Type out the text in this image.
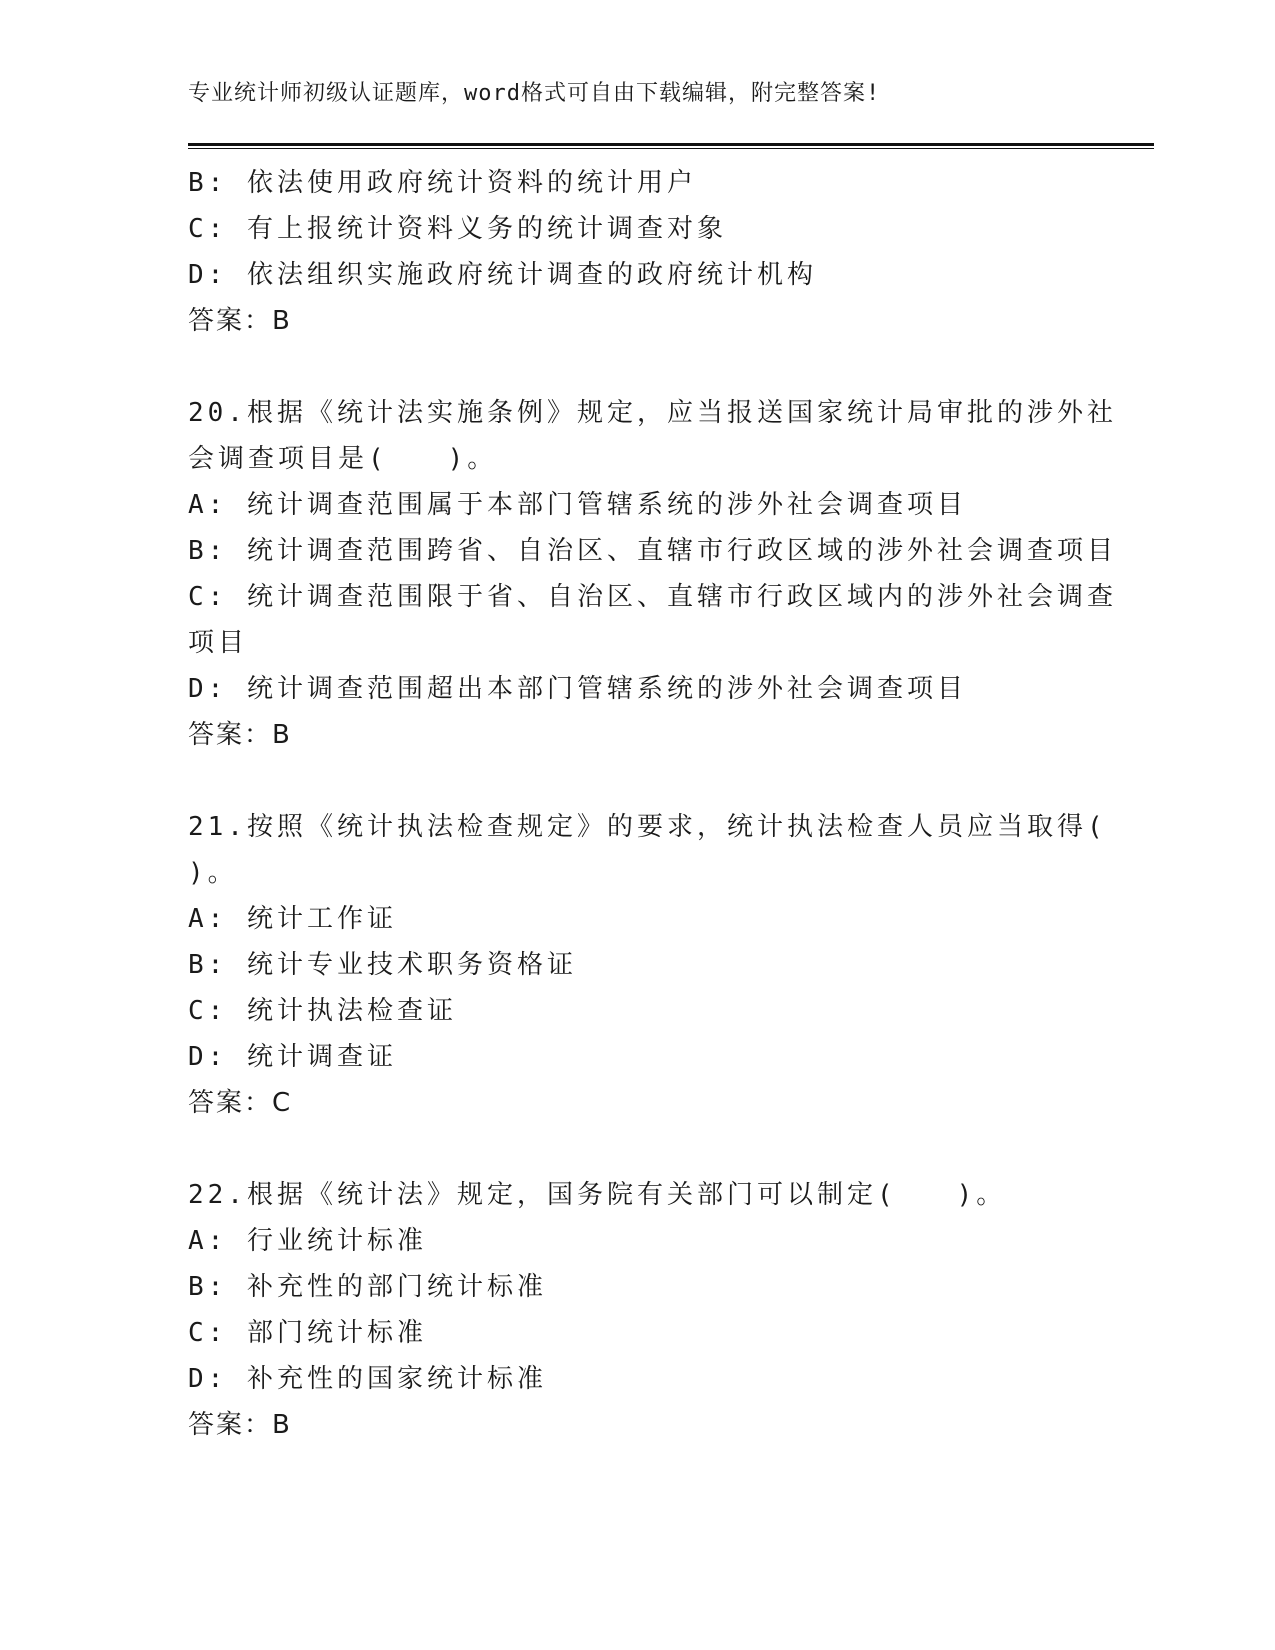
专业统计师初级认证题库，word格式可自由下载编辑，附完整答案!
B: 依法使用政府统计资料的统计用户
C: 有上报统计资料义务的统计调查对象
D: 依法组织实施政府统计调查的政府统计机构
答案：B
20.根据《统计法实施条例》规定，应当报送国家统计局审批的涉外社
会调查项目是(　　)。
A: 统计调查范围属于本部门管辖系统的涉外社会调查项目
B: 统计调查范围跨省、自治区、直辖市行政区域的涉外社会调查项目
C: 统计调查范围限于省、自治区、直辖市行政区域内的涉外社会调查
项目
D: 统计调查范围超出本部门管辖系统的涉外社会调查项目
答案：B
21.按照《统计执法检查规定》的要求，统计执法检查人员应当取得(
)。
A: 统计工作证
B: 统计专业技术职务资格证
C: 统计执法检查证
D: 统计调查证
答案：C
22.根据《统计法》规定，国务院有关部门可以制定(　　)。
A: 行业统计标准
B: 补充性的部门统计标准
C: 部门统计标准
D: 补充性的国家统计标准
答案：B
